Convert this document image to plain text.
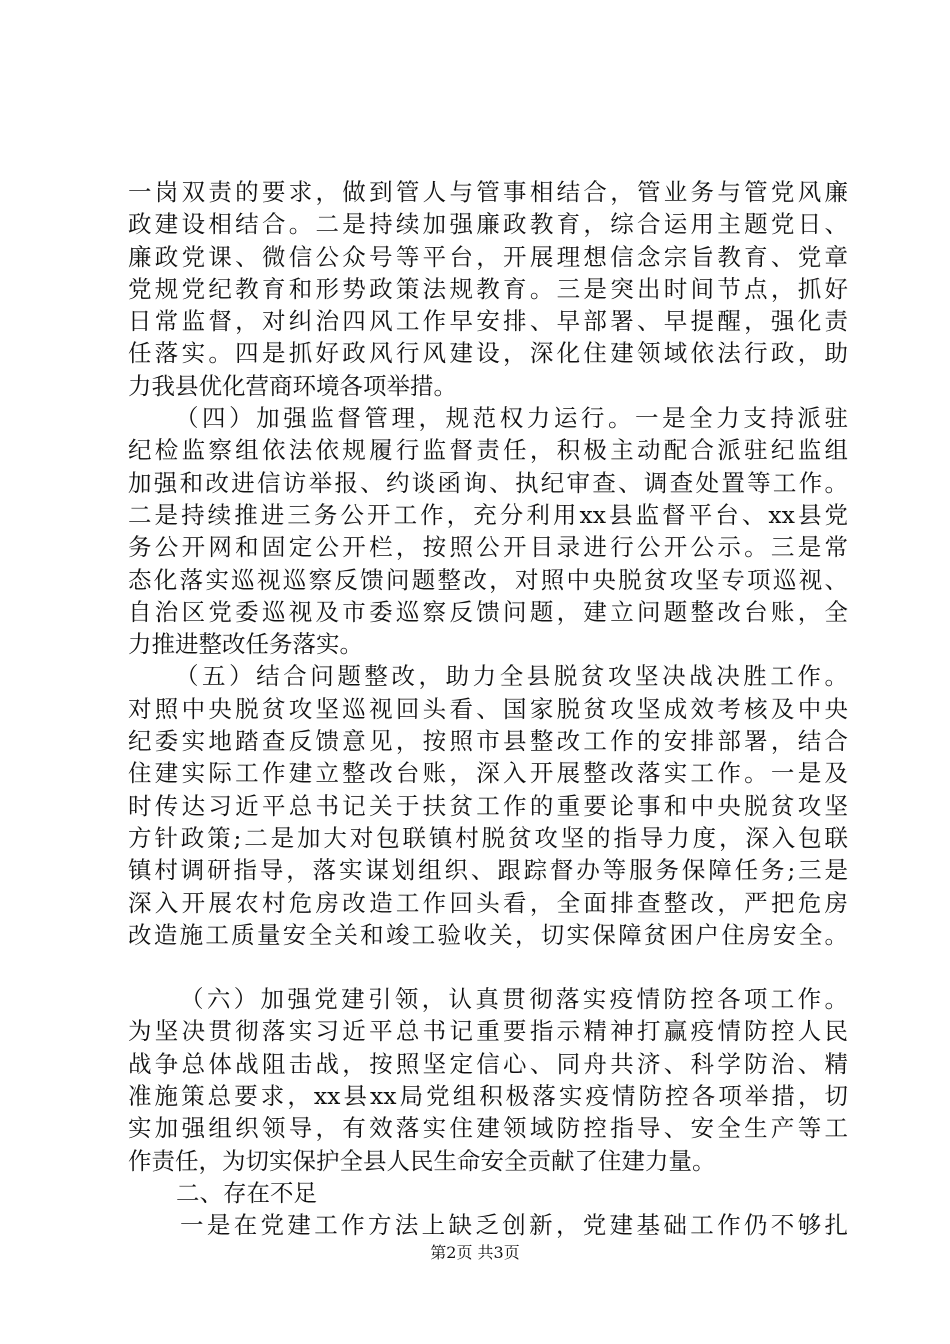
一岗双责的要求，做到管人与管事相结合，管业务与管党风廉
政建设相结合。二是持续加强廉政教育，综合运用主题党日、
廉政党课、微信公众号等平台，开展理想信念宗旨教育、党章
党规党纪教育和形势政策法规教育。三是突出时间节点，抓好
日常监督，对纠治四风工作早安排、早部署、早提醒，强化责
任落实。四是抓好政风行风建设，深化住建领域依法行政，助
力我县优化营商环境各项举措。
（四）加强监督管理，规范权力运行。一是全力支持派驻
纪检监察组依法依规履行监督责任，积极主动配合派驻纪监组
加强和改进信访举报、约谈函询、执纪审查、调查处置等工作。
二是持续推进三务公开工作，充分利用xx县监督平台、xx县党
务公开网和固定公开栏，按照公开目录进行公开公示。三是常
态化落实巡视巡察反馈问题整改，对照中央脱贫攻坚专项巡视、
自治区党委巡视及市委巡察反馈问题，建立问题整改台账，全
力推进整改任务落实。
（五）结合问题整改，助力全县脱贫攻坚决战决胜工作。
对照中央脱贫攻坚巡视回头看、国家脱贫攻坚成效考核及中央
纪委实地踏查反馈意见，按照市县整改工作的安排部署，结合
住建实际工作建立整改台账，深入开展整改落实工作。一是及
时传达习近平总书记关于扶贫工作的重要论事和中央脱贫攻坚
方针政策;二是加大对包联镇村脱贫攻坚的指导力度，深入包联
镇村调研指导，落实谋划组织、跟踪督办等服务保障任务;三是
深入开展农村危房改造工作回头看，全面排查整改，严把危房
改造施工质量安全关和竣工验收关，切实保障贫困户住房安全。
（六）加强党建引领，认真贯彻落实疫情防控各项工作。
为坚决贯彻落实习近平总书记重要指示精神打赢疫情防控人民
战争总体战阻击战，按照坚定信心、同舟共济、科学防治、精
准施策总要求，xx县xx局党组积极落实疫情防控各项举措，切
实加强组织领导，有效落实住建领域防控指导、安全生产等工
作责任，为切实保护全县人民生命安全贡献了住建力量。
二、存在不足
一是在党建工作方法上缺乏创新，党建基础工作仍不够扎
第2页 共3页
